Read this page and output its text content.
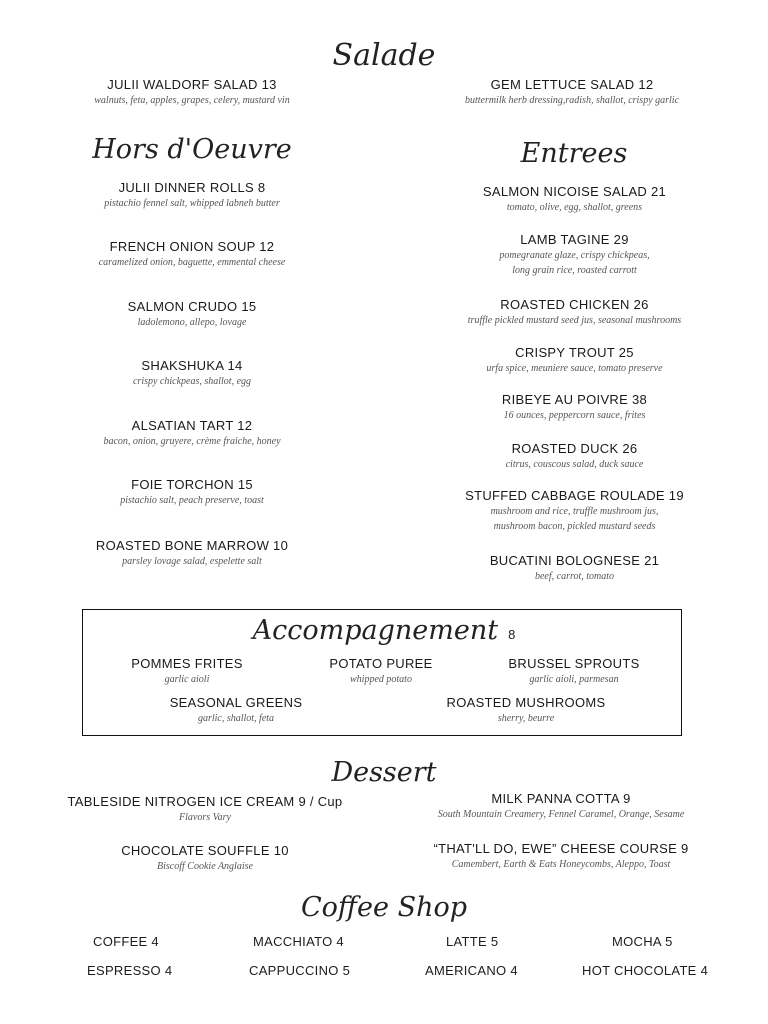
Salade
JULII WALDORF SALAD 13
walnuts, feta, apples, grapes, celery, mustard vin
GEM LETTUCE SALAD 12
buttermilk herb dressing,radish, shallot, crispy garlic
Hors d'Oeuvre
JULII DINNER ROLLS 8
pistachio fennel salt, whipped labneh butter
FRENCH ONION SOUP 12
caramelized onion, baguette, emmental cheese
SALMON CRUDO 15
ladolemono, allepo, lovage
SHAKSHUKA 14
crispy chickpeas, shallot, egg
ALSATIAN TART 12
bacon, onion, gruyere, crème fraiche, honey
FOIE TORCHON 15
pistachio salt, peach preserve, toast
ROASTED BONE MARROW 10
parsley lovage salad, espelette salt
Entrees
SALMON NICOISE SALAD 21
tomato, olive, egg, shallot, greens
LAMB TAGINE 29
pomegranate glaze, crispy chickpeas,
long grain rice, roasted carrott
ROASTED CHICKEN 26
truffle pickled mustard seed jus, seasonal mushrooms
CRISPY TROUT 25
urfa spice, meuniere sauce, tomato preserve
RIBEYE AU POIVRE 38
16 ounces, peppercorn sauce, frites
ROASTED DUCK 26
citrus, couscous salad, duck sauce
STUFFED CABBAGE ROULADE 19
mushroom and rice, truffle mushroom jus,
mushroom bacon, pickled mustard seeds
BUCATINI BOLOGNESE 21
beef, carrot, tomato
Accompagnement 8
POMMES FRITES
garlic aioli
POTATO PUREE
whipped potato
BRUSSEL SPROUTS
garlic aioli, parmesan
SEASONAL GREENS
garlic, shallot, feta
ROASTED MUSHROOMS
sherry, beurre
Dessert
TABLESIDE NITROGEN ICE CREAM 9 / Cup
Flavors Vary
MILK PANNA COTTA 9
South Mountain Creamery, Fennel Caramel, Orange, Sesame
CHOCOLATE SOUFFLE 10
Biscoff Cookie Anglaise
“THAT'LL DO, EWE” CHEESE COURSE 9
Camembert, Earth & Eats Honeycombs, Aleppo, Toast
Coffee Shop
COFFEE 4	MACCHIATO 4	LATTE 5	MOCHA 5
ESPRESSO 4	CAPPUCCINO 5	AMERICANO 4	HOT CHOCOLATE 4
